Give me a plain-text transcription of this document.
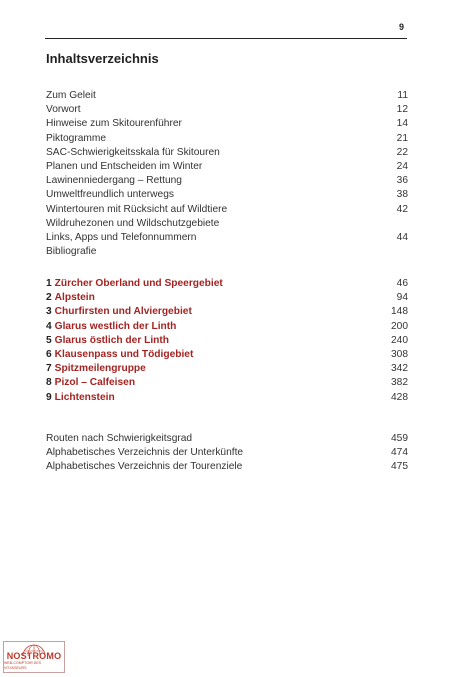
9
Inhaltsverzeichnis
Zum Geleit	11
Vorwort	12
Hinweise zum Skitourenführer	14
Piktogramme	21
SAC-Schwierigkeitsskala für Skitouren	22
Planen und Entscheiden im Winter	24
Lawinenniedergang – Rettung	36
Umweltfreundlich unterwegs	38
Wintertouren mit Rücksicht auf Wildtiere	42
Wildruhezonen und Wildschutzgebiete
Links, Apps und Telefonnummern	44
Bibliografie
1 Zürcher Oberland und Speergebiet	46
2 Alpstein	94
3 Churfirsten und Alviergebiet	148
4 Glarus westlich der Linth	200
5 Glarus östlich der Linth	240
6 Klausenpass und Tödigebiet	308
7 Spitzmeilengruppe	342
8 Pizol – Calfeisen	382
9 Lichtenstein	428
Routen nach Schwierigkeitsgrad	459
Alphabetisches Verzeichnis der Unterkünfte	474
Alphabetisches Verzeichnis der Tourenziele	475
NOSTROMO
WEB-COMPTOIR DES VOYAGEURS
